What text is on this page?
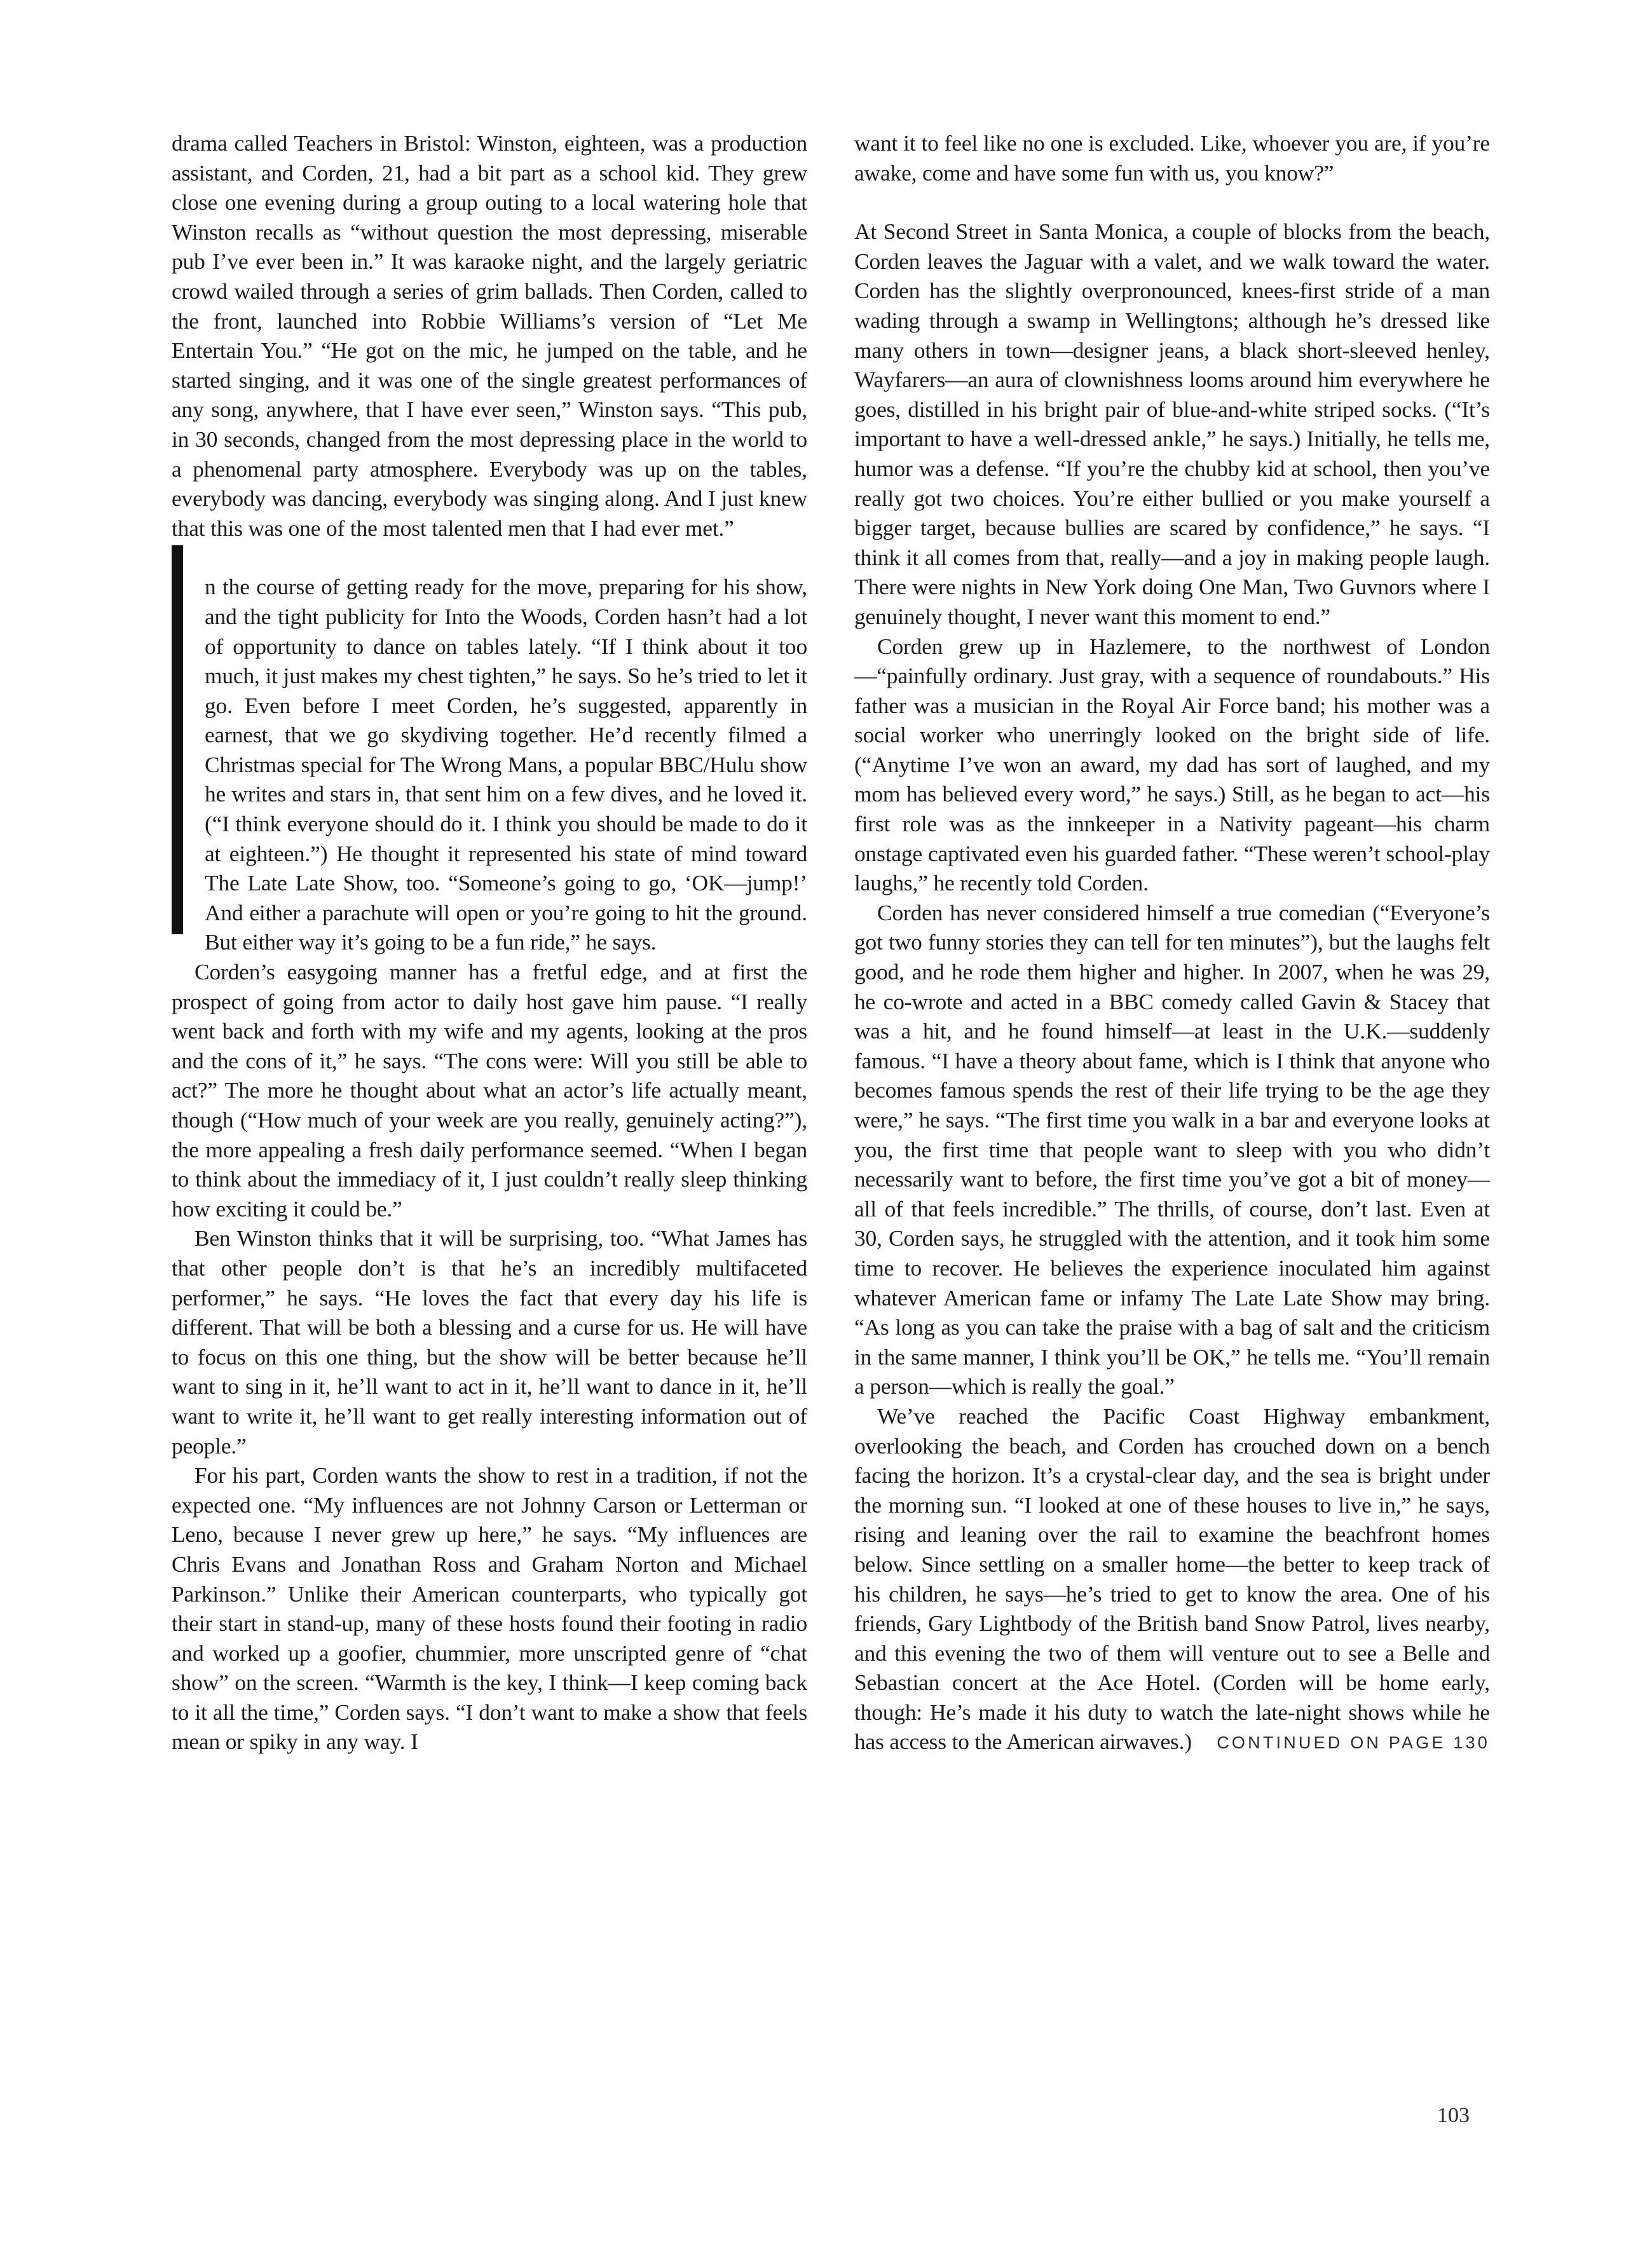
drama called Teachers in Bristol: Winston, eighteen, was a production assistant, and Corden, 21, had a bit part as a school kid. They grew close one evening during a group outing to a local watering hole that Winston recalls as “without question the most depressing, miserable pub I’ve ever been in.” It was karaoke night, and the largely geriatric crowd wailed through a series of grim ballads. Then Corden, called to the front, launched into Robbie Williams’s version of “Let Me Entertain You.” “He got on the mic, he jumped on the table, and he started singing, and it was one of the single greatest performances of any song, anywhere, that I have ever seen,” Winston says. “This pub, in 30 seconds, changed from the most depressing place in the world to a phenomenal party atmosphere. Everybody was up on the tables, everybody was dancing, everybody was singing along. And I just knew that this was one of the most talented men that I had ever met.”

n the course of getting ready for the move, preparing for his show, and the tight publicity for Into the Woods, Corden hasn’t had a lot of opportunity to dance on tables lately. “If I think about it too much, it just makes my chest tighten,” he says. So he’s tried to let it go. Even before I meet Corden, he’s suggested, apparently in earnest, that we go skydiving together. He’d recently filmed a Christmas special for The Wrong Mans, a popular BBC/Hulu show he writes and stars in, that sent him on a few dives, and he loved it. (“I think everyone should do it. I think you should be made to do it at eighteen.”) He thought it represented his state of mind toward The Late Late Show, too. “Someone’s going to go, ‘OK—jump!’ And either a parachute will open or you’re going to hit the ground. But either way it’s going to be a fun ride,” he says.

Corden’s easygoing manner has a fretful edge, and at first the prospect of going from actor to daily host gave him pause. “I really went back and forth with my wife and my agents, looking at the pros and the cons of it,” he says. “The cons were: Will you still be able to act?” The more he thought about what an actor’s life actually meant, though (“How much of your week are you really, genuinely acting?”), the more appealing a fresh daily performance seemed. “When I began to think about the immediacy of it, I just couldn’t really sleep thinking how exciting it could be.”

Ben Winston thinks that it will be surprising, too. “What James has that other people don’t is that he’s an incredibly multifaceted performer,” he says. “He loves the fact that every day his life is different. That will be both a blessing and a curse for us. He will have to focus on this one thing, but the show will be better because he’ll want to sing in it, he’ll want to act in it, he’ll want to dance in it, he’ll want to write it, he’ll want to get really interesting information out of people.”

For his part, Corden wants the show to rest in a tradition, if not the expected one. “My influences are not Johnny Carson or Letterman or Leno, because I never grew up here,” he says. “My influences are Chris Evans and Jonathan Ross and Graham Norton and Michael Parkinson.” Unlike their American counterparts, who typically got their start in stand-up, many of these hosts found their footing in radio and worked up a goofier, chummier, more unscripted genre of “chat show” on the screen. “Warmth is the key, I think—I keep coming back to it all the time,” Corden says. “I don’t want to make a show that feels mean or spiky in any way. I

want it to feel like no one is excluded. Like, whoever you are, if you’re awake, come and have some fun with us, you know?”

At Second Street in Santa Monica, a couple of blocks from the beach, Corden leaves the Jaguar with a valet, and we walk toward the water. Corden has the slightly overpronounced, knees-first stride of a man wading through a swamp in Wellingtons; although he’s dressed like many others in town—designer jeans, a black short-sleeved henley, Wayfarers—an aura of clownishness looms around him everywhere he goes, distilled in his bright pair of blue-and-white striped socks. (“It’s important to have a well-dressed ankle,” he says.) Initially, he tells me, humor was a defense. “If you’re the chubby kid at school, then you’ve really got two choices. You’re either bullied or you make yourself a bigger target, because bullies are scared by confidence,” he says. “I think it all comes from that, really—and a joy in making people laugh. There were nights in New York doing One Man, Two Guvnors where I genuinely thought, I never want this moment to end.”

Corden grew up in Hazlemere, to the northwest of London—“painfully ordinary. Just gray, with a sequence of roundabouts.” His father was a musician in the Royal Air Force band; his mother was a social worker who unerringly looked on the bright side of life. (“Anytime I’ve won an award, my dad has sort of laughed, and my mom has believed every word,” he says.) Still, as he began to act—his first role was as the innkeeper in a Nativity pageant—his charm onstage captivated even his guarded father. “These weren’t school-play laughs,” he recently told Corden.

Corden has never considered himself a true comedian (“Everyone’s got two funny stories they can tell for ten minutes”), but the laughs felt good, and he rode them higher and higher. In 2007, when he was 29, he co-wrote and acted in a BBC comedy called Gavin & Stacey that was a hit, and he found himself—at least in the U.K.—suddenly famous. “I have a theory about fame, which is I think that anyone who becomes famous spends the rest of their life trying to be the age they were,” he says. “The first time you walk in a bar and everyone looks at you, the first time that people want to sleep with you who didn’t necessarily want to before, the first time you’ve got a bit of money—all of that feels incredible.” The thrills, of course, don’t last. Even at 30, Corden says, he struggled with the attention, and it took him some time to recover. He believes the experience inoculated him against whatever American fame or infamy The Late Late Show may bring. “As long as you can take the praise with a bag of salt and the criticism in the same manner, I think you’ll be OK,” he tells me. “You’ll remain a person—which is really the goal.”

We’ve reached the Pacific Coast Highway embankment, overlooking the beach, and Corden has crouched down on a bench facing the horizon. It’s a crystal-clear day, and the sea is bright under the morning sun. “I looked at one of these houses to live in,” he says, rising and leaning over the rail to examine the beachfront homes below. Since settling on a smaller home—the better to keep track of his children, he says—he’s tried to get to know the area. One of his friends, Gary Lightbody of the British band Snow Patrol, lives nearby, and this evening the two of them will venture out to see a Belle and Sebastian concert at the Ace Hotel. (Corden will be home early, though: He’s made it his duty to watch the late-night shows while he has access to the American airwaves.)	CONTINUED ON PAGE 130

103
